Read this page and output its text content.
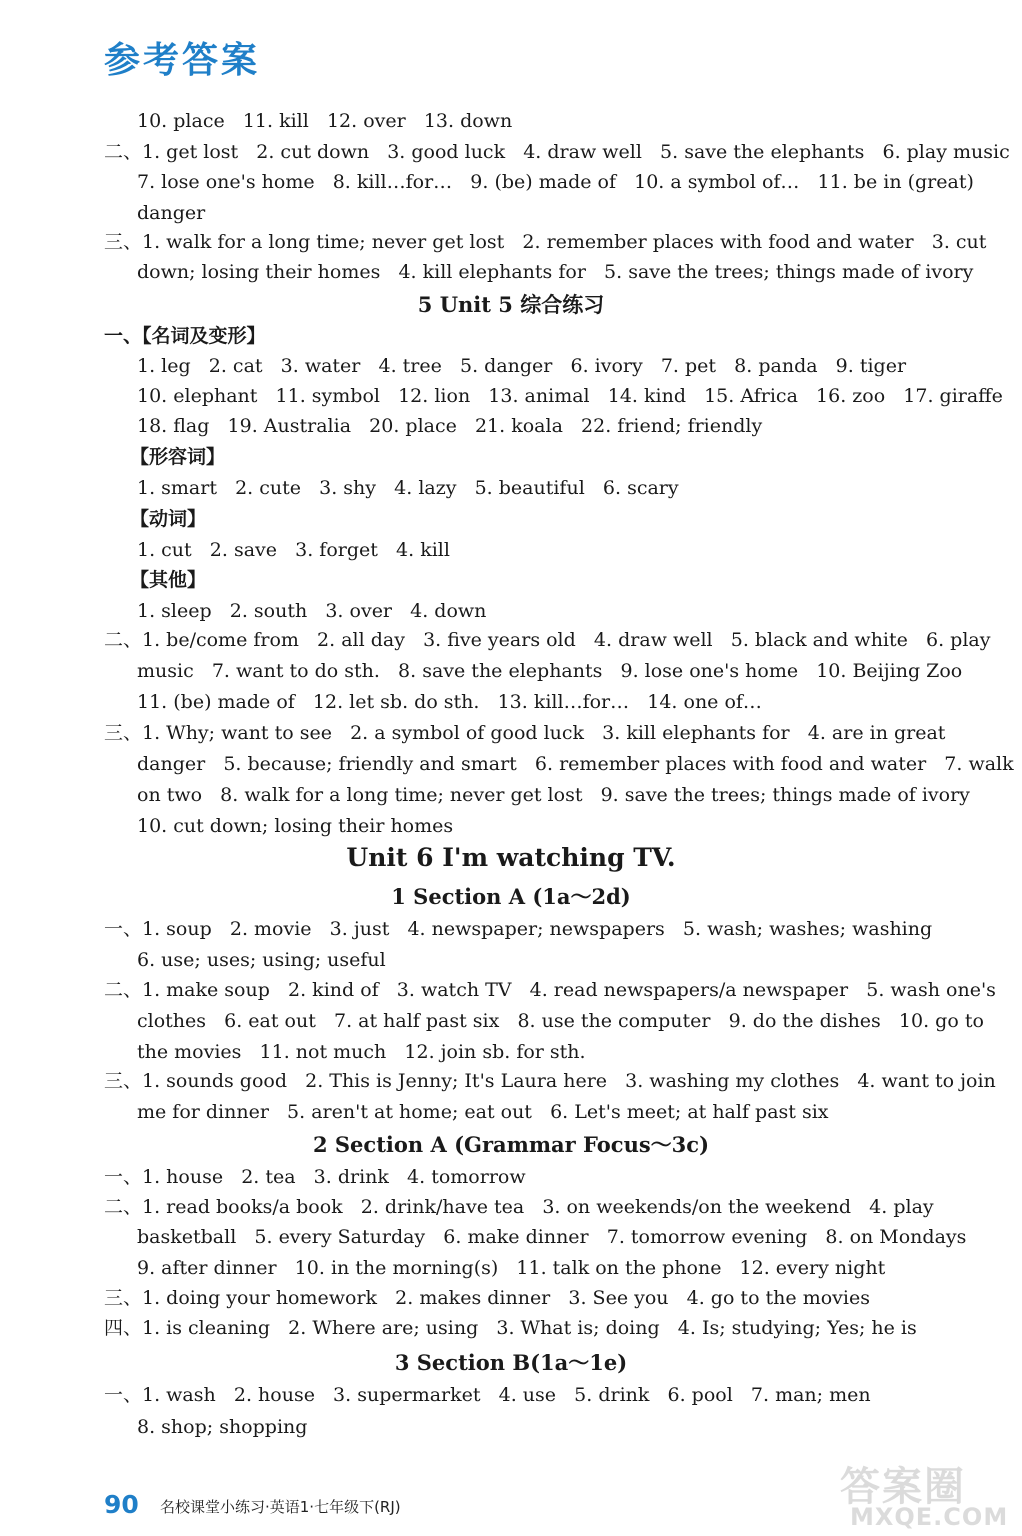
参考答案
10. place   11. kill   12. over   13. down
二、1. get lost   2. cut down   3. good luck   4. draw well   5. save the elephants   6. play music
7. lose one's home   8. kill…for…   9. (be) made of   10. a symbol of…   11. be in (great)
danger
三、1. walk for a long time; never get lost   2. remember places with food and water   3. cut
down; losing their homes   4. kill elephants for   5. save the trees; things made of ivory
5 Unit 5 综合练习
一、【名词及变形】
1. leg   2. cat   3. water   4. tree   5. danger   6. ivory   7. pet   8. panda   9. tiger
10. elephant   11. symbol   12. lion   13. animal   14. kind   15. Africa   16. zoo   17. giraffe
18. flag   19. Australia   20. place   21. koala   22. friend; friendly
【形容词】
1. smart   2. cute   3. shy   4. lazy   5. beautiful   6. scary
【动词】
1. cut   2. save   3. forget   4. kill
【其他】
1. sleep   2. south   3. over   4. down
二、1. be/come from   2. all day   3. five years old   4. draw well   5. black and white   6. play
music   7. want to do sth.   8. save the elephants   9. lose one's home   10. Beijing Zoo
11. (be) made of   12. let sb. do sth.   13. kill…for…   14. one of…
三、1. Why; want to see   2. a symbol of good luck   3. kill elephants for   4. are in great
danger   5. because; friendly and smart   6. remember places with food and water   7. walk
on two   8. walk for a long time; never get lost   9. save the trees; things made of ivory
10. cut down; losing their homes
Unit 6 I'm watching TV.
1 Section A (1a～2d)
一、1. soup   2. movie   3. just   4. newspaper; newspapers   5. wash; washes; washing
6. use; uses; using; useful
二、1. make soup   2. kind of   3. watch TV   4. read newspapers/a newspaper   5. wash one's
clothes   6. eat out   7. at half past six   8. use the computer   9. do the dishes   10. go to
the movies   11. not much   12. join sb. for sth.
三、1. sounds good   2. This is Jenny; It's Laura here   3. washing my clothes   4. want to join
me for dinner   5. aren't at home; eat out   6. Let's meet; at half past six
2 Section A (Grammar Focus～3c)
一、1. house   2. tea   3. drink   4. tomorrow
二、1. read books/a book   2. drink/have tea   3. on weekends/on the weekend   4. play
basketball   5. every Saturday   6. make dinner   7. tomorrow evening   8. on Mondays
9. after dinner   10. in the morning(s)   11. talk on the phone   12. every night
三、1. doing your homework   2. makes dinner   3. See you   4. go to the movies
四、1. is cleaning   2. Where are; using   3. What is; doing   4. Is; studying; Yes; he is
3 Section B(1a～1e)
一、1. wash   2. house   3. supermarket   4. use   5. drink   6. pool   7. man; men
8. shop; shopping
90 名校课堂小练习·英语1·七年级下(RJ)	答案圈
MXQE.COM
